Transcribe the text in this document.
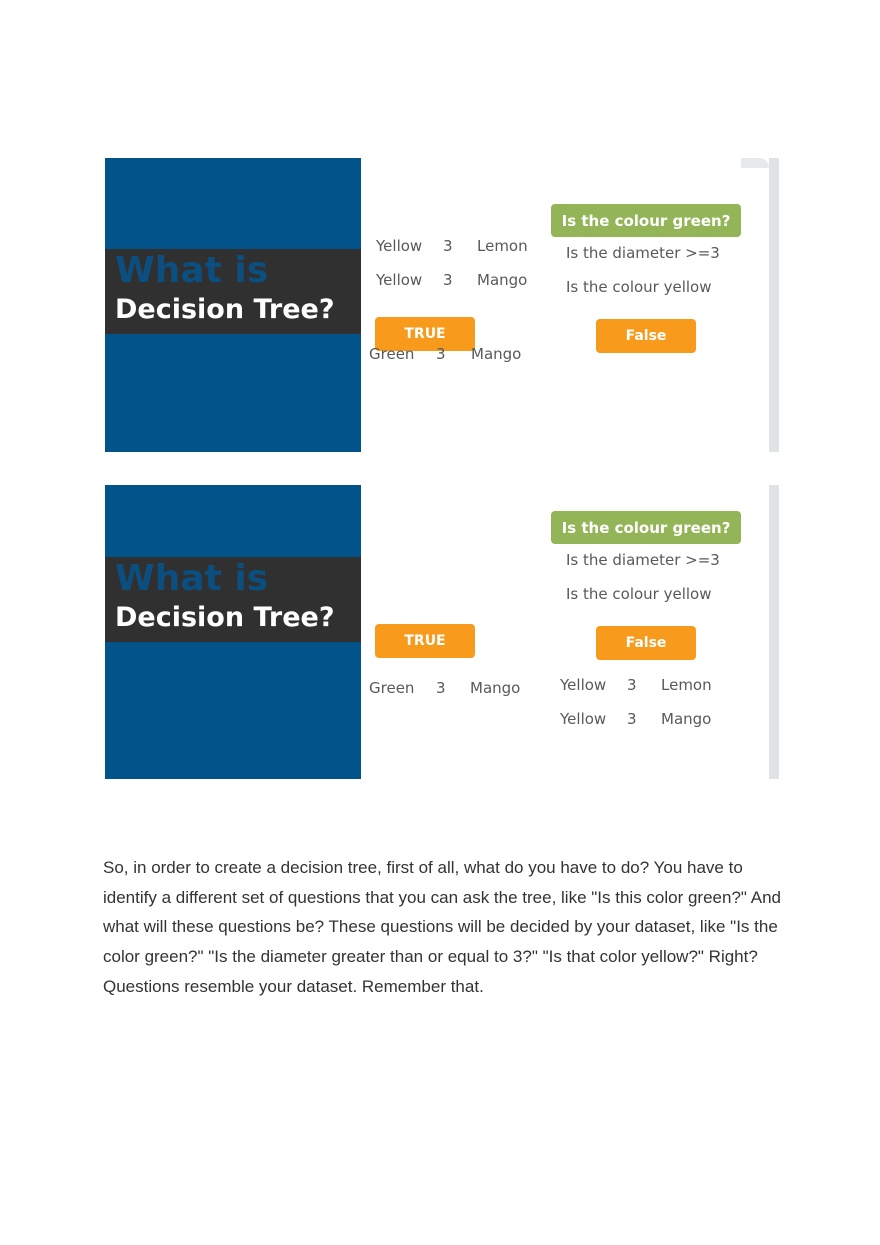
What is
Decision Tree?
Yellow 3 Lemon
Yellow 3 Mango
TRUE
Green 3 Mango
Is the colour green?
Is the diameter >=3
Is the colour yellow
False
What is
Decision Tree?
Is the colour green?
Is the diameter >=3
Is the colour yellow
TRUE	False
Green 3 Mango	Yellow 3 Lemon
Yellow 3 Mango

So, in order to create a decision tree, first of all, what do you have to do? You have to identify a different set of questions that you can ask the tree, like "Is this color green?" And what will these questions be? These questions will be decided by your dataset, like "Is the color green?" "Is the diameter greater than or equal to 3?" "Is that color yellow?" Right? Questions resemble your dataset. Remember that.
